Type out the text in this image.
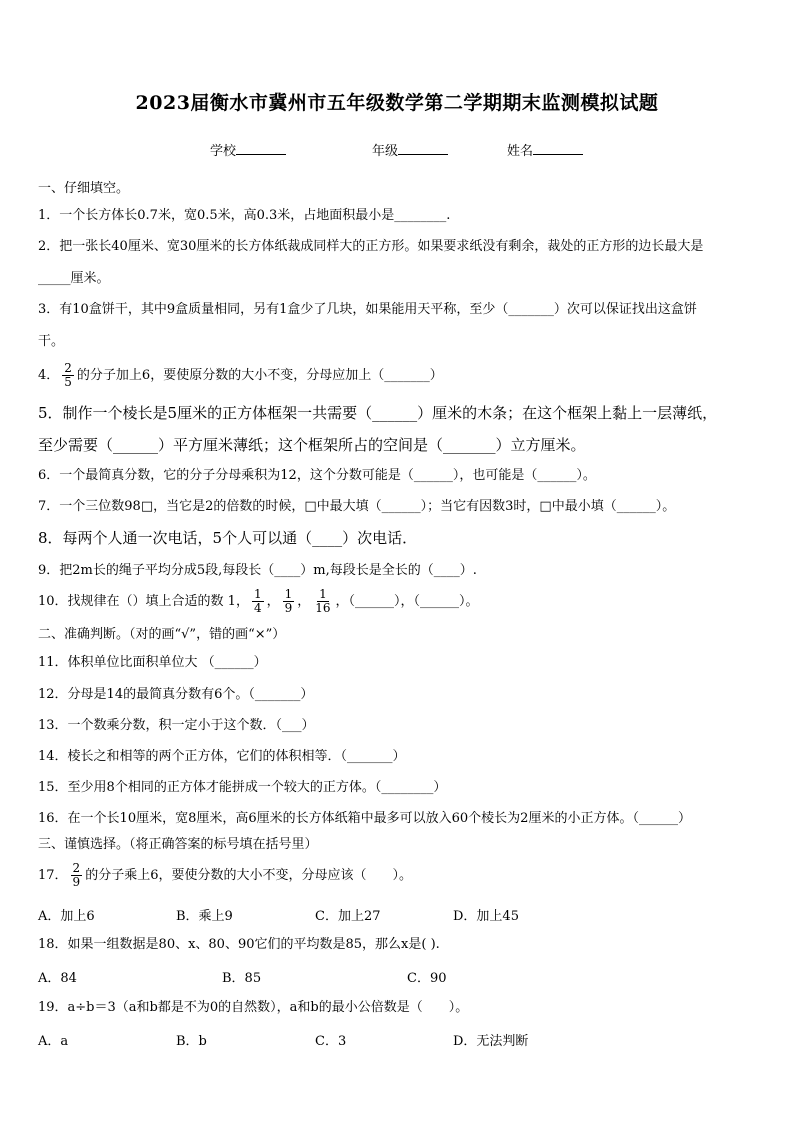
2023届衡水市冀州市五年级数学第二学期期末监测模拟试题
学校	年级	姓名
一、仔细填空。
1．一个长方体长0.7米，宽0.5米，高0.3米，占地面积最小是________.
2．把一张长40厘米、宽30厘米的长方体纸裁成同样大的正方形。如果要求纸没有剩余，裁处的正方形的边长最大是
_____厘米。
3．有10盒饼干，其中9盒质量相同，另有1盒少了几块，如果能用天平称，至少（_______）次可以保证找出这盒饼
干。
4． $\frac{2}{5}$ 的分子加上6，要使原分数的大小不变，分母应加上（_______）
5．制作一个棱长是5厘米的正方体框架一共需要（______）厘米的木条；在这个框架上黏上一层薄纸，
至少需要（______）平方厘米薄纸；这个框架所占的空间是（_______）立方厘米。
6．一个最简真分数，它的分子分母乘积为12，这个分数可能是（______），也可能是（______）。
7．一个三位数98□，当它是2的倍数的时候，□中最大填（______）；当它有因数3时，□中最小填（______）。
8．每两个人通一次电话，5个人可以通（____）次电话．
9．把2m长的绳子平均分成5段,每段长（____）m,每段长是全长的（____）.
10．找规律在（）填上合适的数 1， $\frac{1}{4}$ ， $\frac{1}{9}$ ， $\frac{1}{16}$ ，（______），（______）。
二、准确判断。（对的画“√”，错的画“×”）
11．体积单位比面积单位大 （______）
12．分母是14的最简真分数有6个。（_______）
13．一个数乘分数，积一定小于这个数．（___）
14．棱长之和相等的两个正方体，它们的体积相等．（_______）
15．至少用8个相同的正方体才能拼成一个较大的正方体。（________）
16．在一个长10厘米，宽8厘米，高6厘米的长方体纸箱中最多可以放入60个棱长为2厘米的小正方体。（______）
三、谨慎选择。（将正确答案的标号填在括号里）
17． $\frac{2}{9}$ 的分子乘上6，要使分数的大小不变，分母应该（　　）。
A．加上6	B．乘上9	C．加上27	D．加上45
18．如果一组数据是80、x、80、90它们的平均数是85，那么x是( ).
A．84	B．85	C．90
19．a÷b＝3（a和b都是不为0的自然数），a和b的最小公倍数是（　　）。
A．a	B．b	C．3	D．无法判断
